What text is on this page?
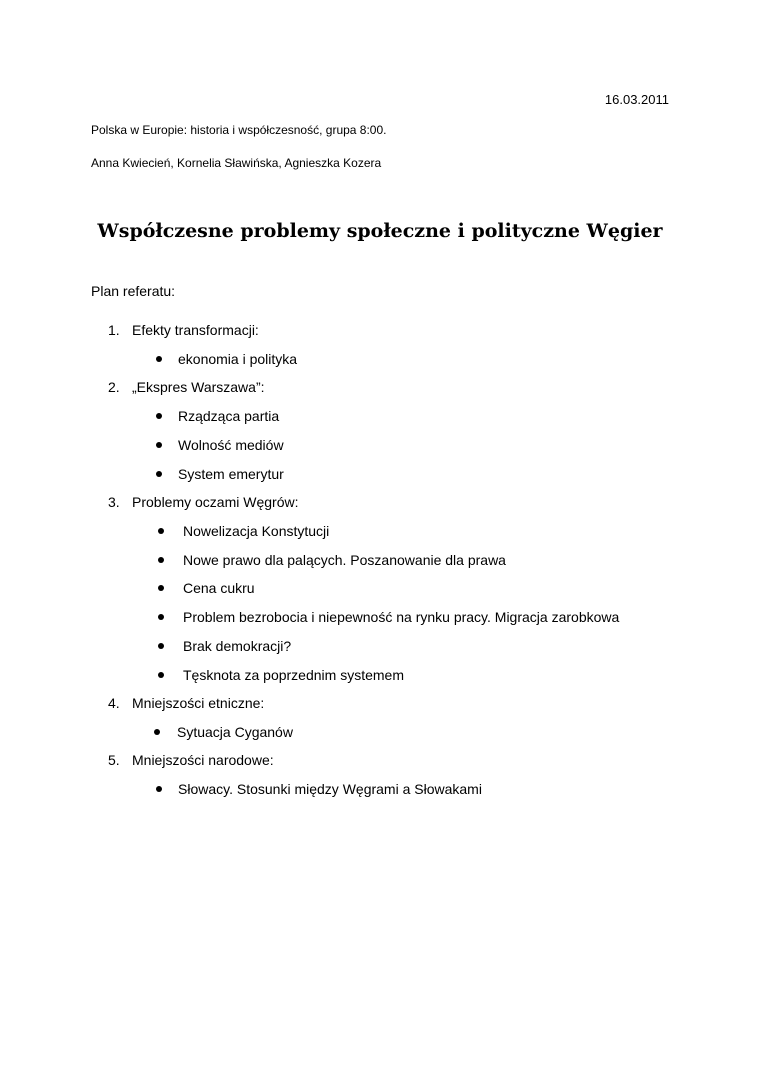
16.03.2011
Polska w Europie: historia i współczesność, grupa 8:00.
Anna Kwiecień, Kornelia Sławińska, Agnieszka Kozera
Współczesne problemy społeczne i polityczne Węgier
Plan referatu:
1. Efekty transformacji:
ekonomia i polityka
2. „Ekspres Warszawa”:
Rządząca partia
Wolność mediów
System emerytur
3. Problemy oczami Węgrów:
Nowelizacja Konstytucji
Nowe prawo dla palących. Poszanowanie dla prawa
Cena cukru
Problem bezrobocia i niepewność na rynku pracy. Migracja zarobkowa
Brak demokracji?
Tęsknota za poprzednim systemem
4. Mniejszości etniczne:
Sytuacja Cyganów
5. Mniejszości narodowe:
Słowacy. Stosunki między Węgrami a Słowakami
